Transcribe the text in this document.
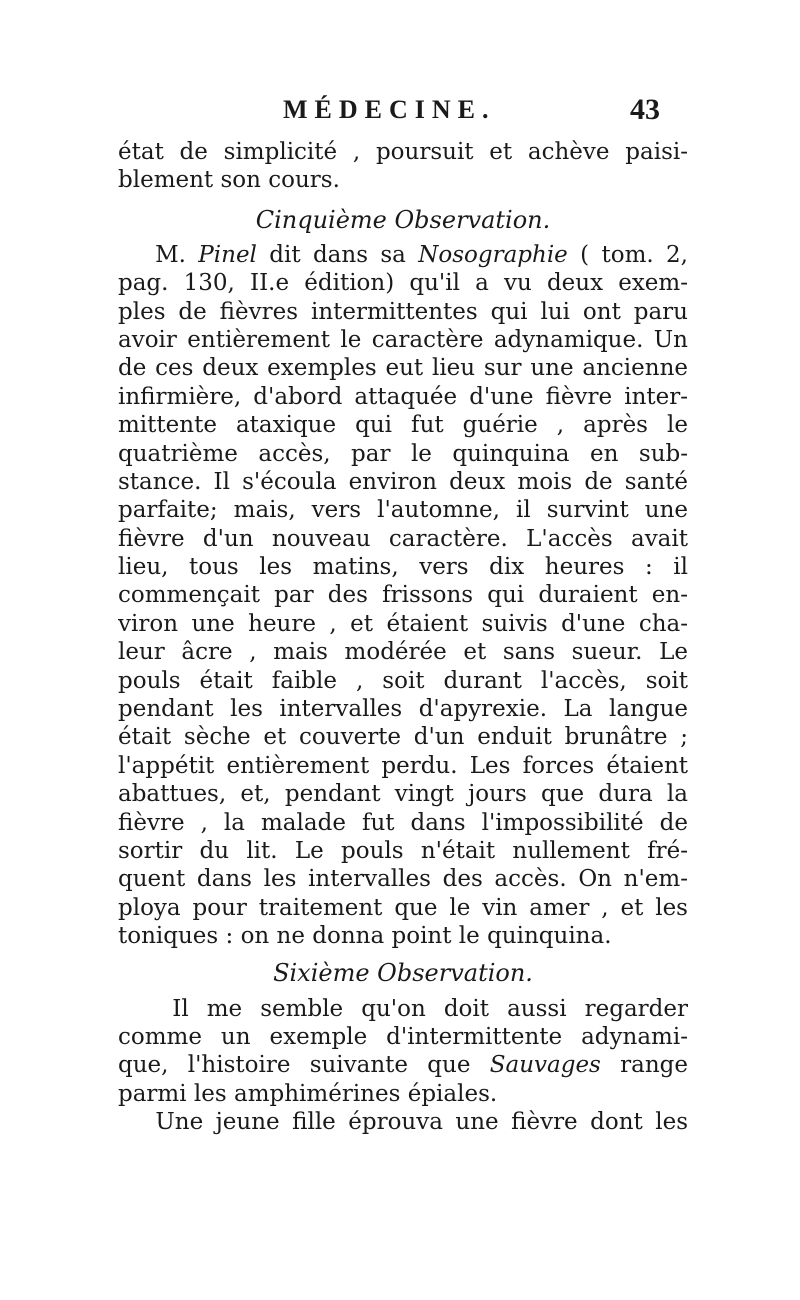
MÉDECINE.	43
état de simplicité , poursuit et achève paisi-
blement son cours.
Cinquième Observation.
M. Pinel dit dans sa Nosographie ( tom. 2,
pag. 130, II.e édition) qu'il a vu deux exem-
ples de fièvres intermittentes qui lui ont paru
avoir entièrement le caractère adynamique. Un
de ces deux exemples eut lieu sur une ancienne
infirmière, d'abord attaquée d'une fièvre inter-
mittente ataxique qui fut guérie , après le
quatrième accès, par le quinquina en sub-
stance. Il s'écoula environ deux mois de santé
parfaite; mais, vers l'automne, il survint une
fièvre d'un nouveau caractère. L'accès avait
lieu, tous les matins, vers dix heures : il
commençait par des frissons qui duraient en-
viron une heure , et étaient suivis d'une cha-
leur âcre , mais modérée et sans sueur. Le
pouls était faible , soit durant l'accès, soit
pendant les intervalles d'apyrexie. La langue
était sèche et couverte d'un enduit brunâtre ;
l'appétit entièrement perdu. Les forces étaient
abattues, et, pendant vingt jours que dura la
fièvre , la malade fut dans l'impossibilité de
sortir du lit. Le pouls n'était nullement fré-
quent dans les intervalles des accès. On n'em-
ploya pour traitement que le vin amer , et les
toniques : on ne donna point le quinquina.
Sixième Observation.
Il me semble qu'on doit aussi regarder
comme un exemple d'intermittente adynami-
que, l'histoire suivante que Sauvages range
parmi les amphimérines épiales.
Une jeune fille éprouva une fièvre dont les
